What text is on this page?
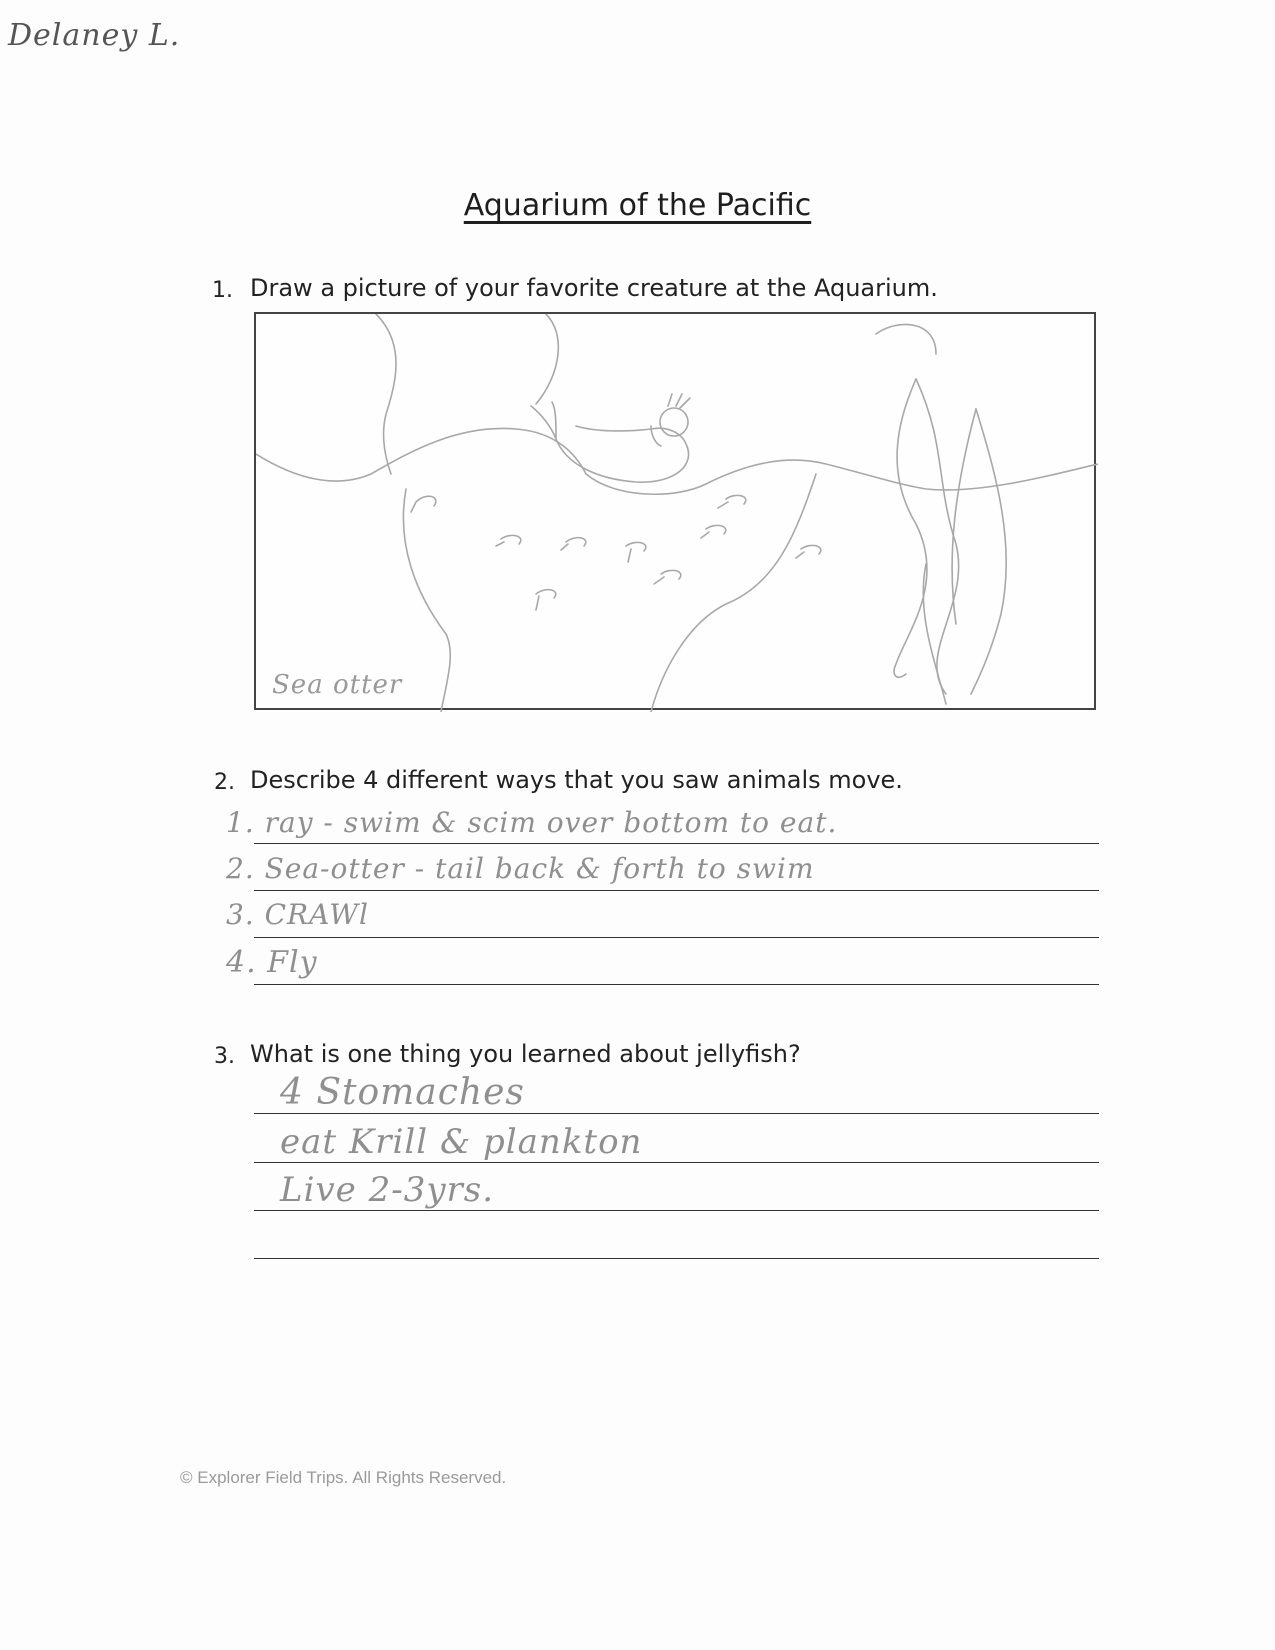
Delaney L.
Aquarium of the Pacific
1. Draw a picture of your favorite creature at the Aquarium.
Sea otter
2. Describe 4 different ways that you saw animals move.
1. ray - swim & scim over bottom to eat.
2. Sea-otter - tail back & forth to swim
3. CRAWl
4. Fly
3. What is one thing you learned about jellyfish?
4 Stomaches
eat Krill & plankton
Live 2-3yrs.
© Explorer Field Trips. All Rights Reserved.
